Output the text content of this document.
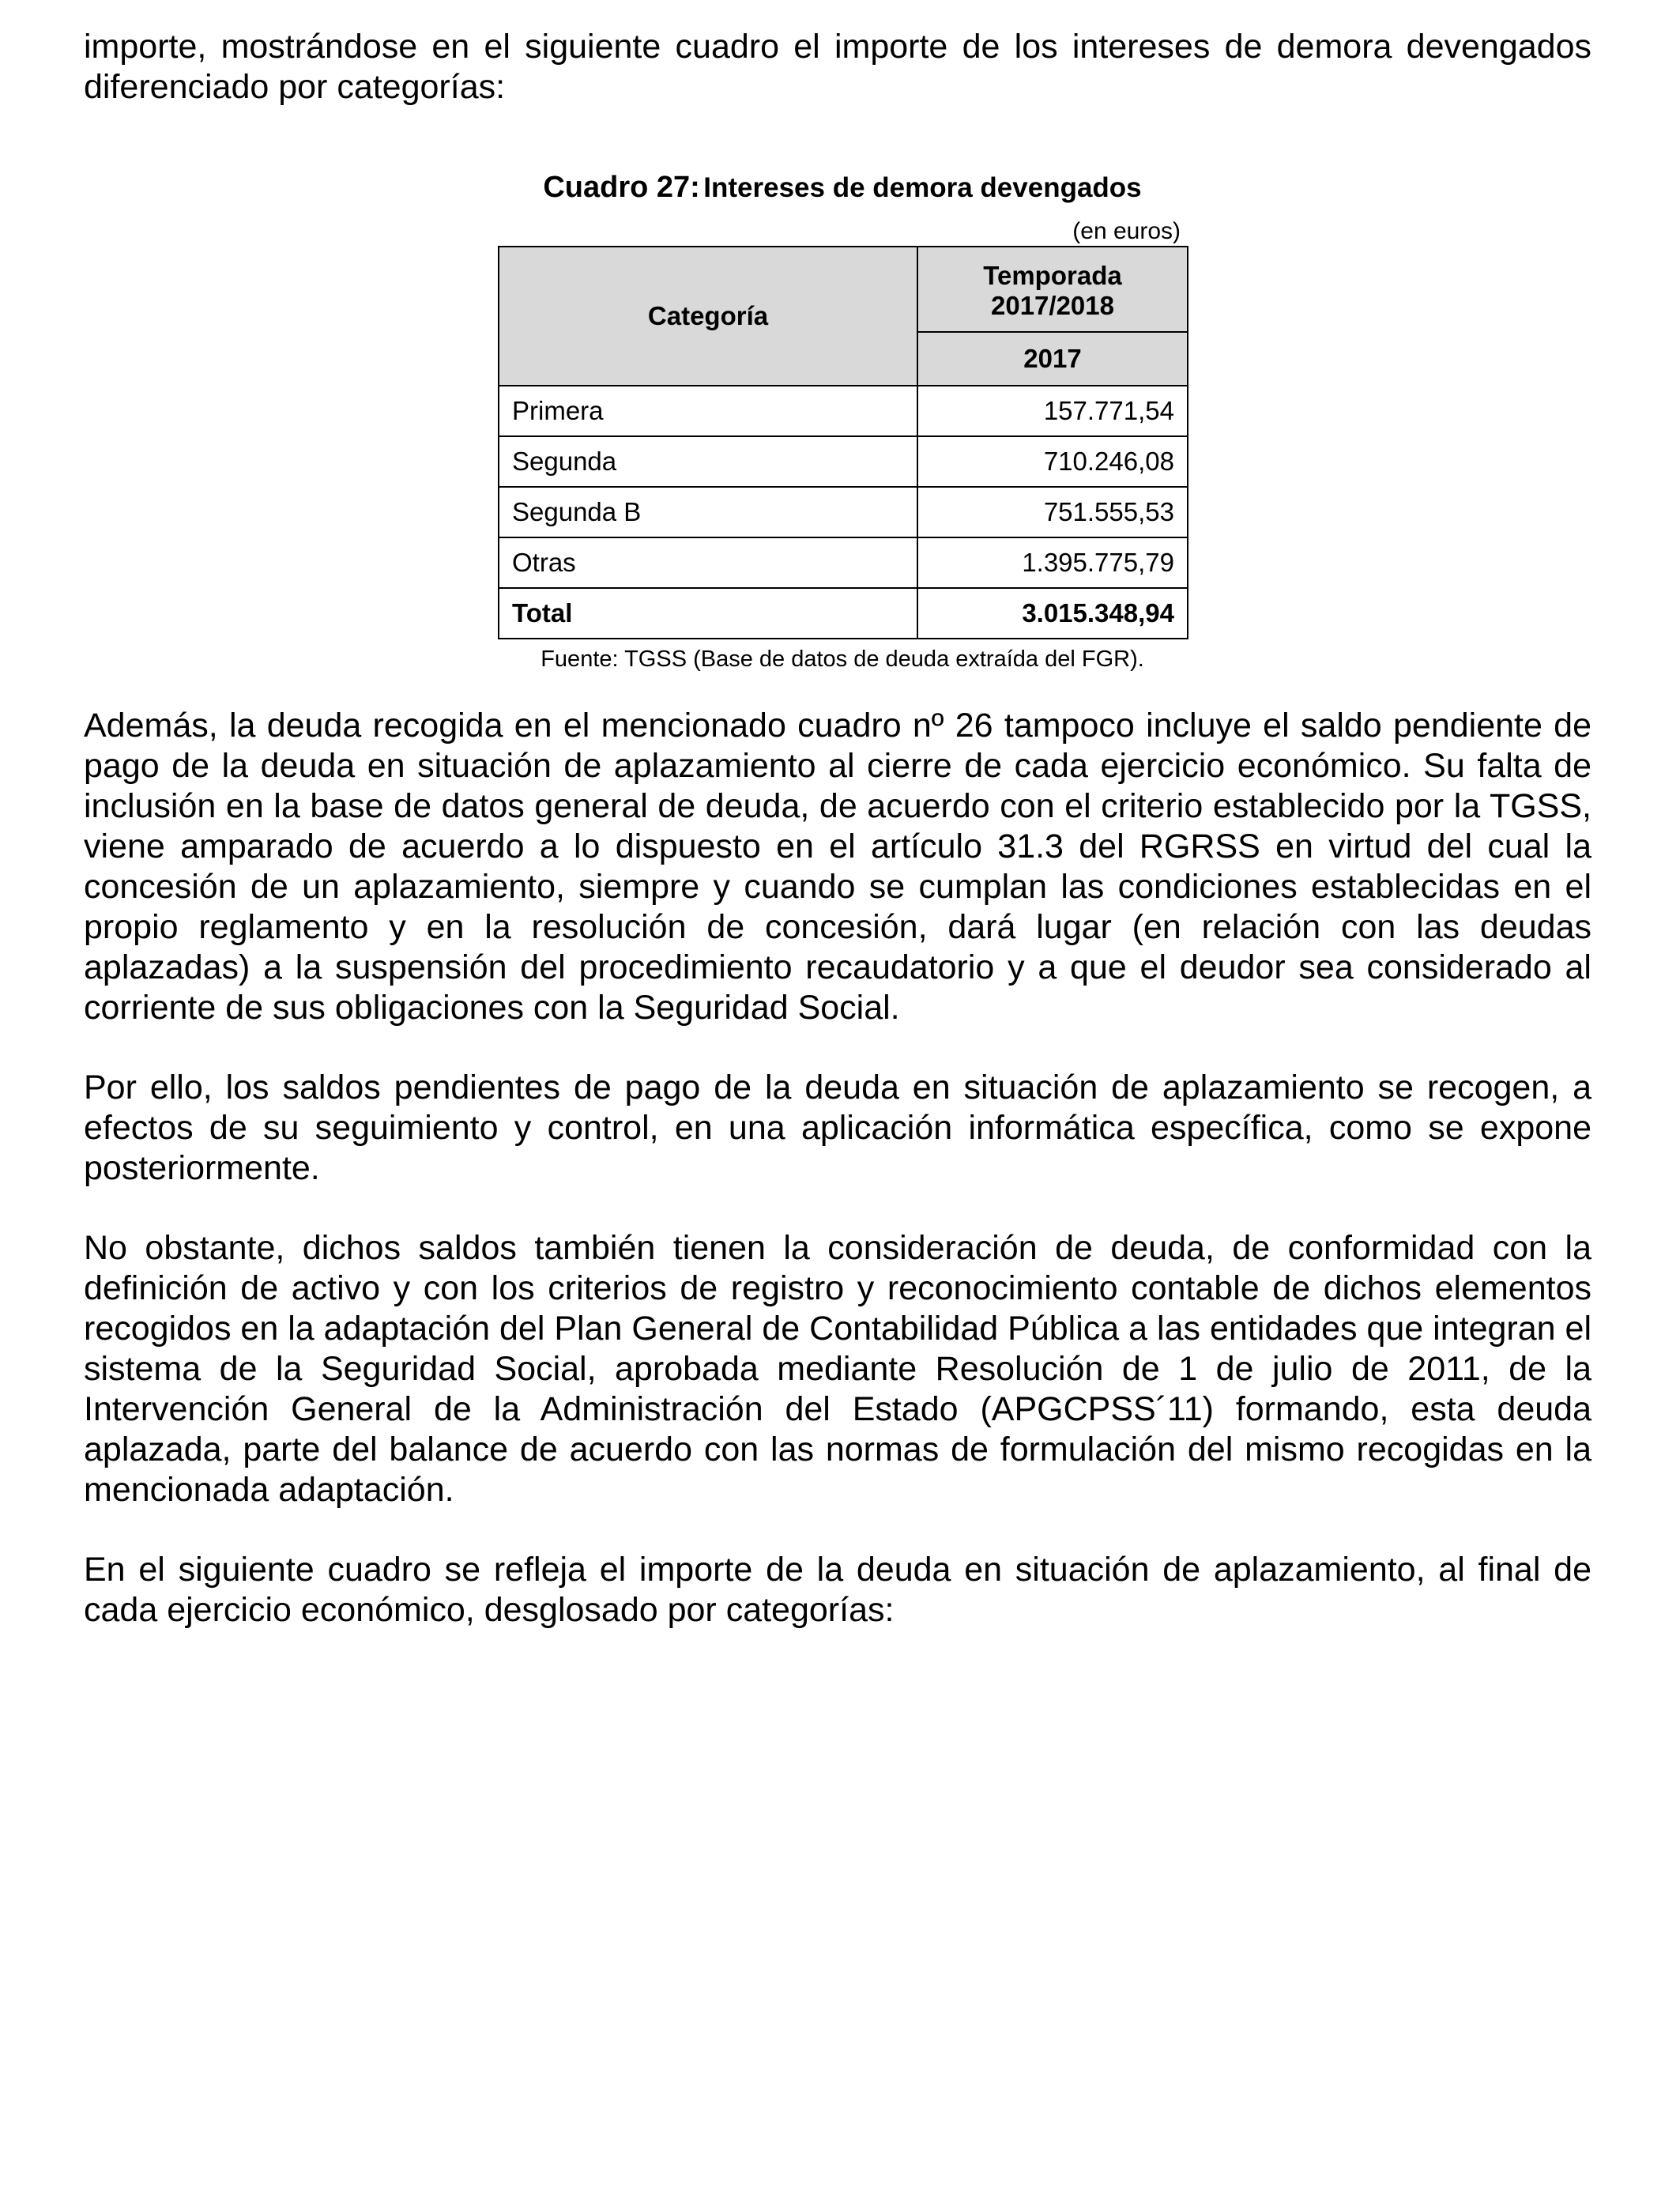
importe, mostrándose en el siguiente cuadro el importe de los intereses de demora devengados diferenciado por categorías:

Cuadro 27: Intereses de demora devengados
(en euros)
Categoría	Temporada 2017/2018
	2017
Primera	157.771,54
Segunda	710.246,08
Segunda B	751.555,53
Otras	1.395.775,79
Total	3.015.348,94
Fuente: TGSS (Base de datos de deuda extraída del FGR).

Además, la deuda recogida en el mencionado cuadro nº 26 tampoco incluye el saldo pendiente de pago de la deuda en situación de aplazamiento al cierre de cada ejercicio económico. Su falta de inclusión en la base de datos general de deuda, de acuerdo con el criterio establecido por la TGSS, viene amparado de acuerdo a lo dispuesto en el artículo 31.3 del RGRSS en virtud del cual la concesión de un aplazamiento, siempre y cuando se cumplan las condiciones establecidas en el propio reglamento y en la resolución de concesión, dará lugar (en relación con las deudas aplazadas) a la suspensión del procedimiento recaudatorio y a que el deudor sea considerado al corriente de sus obligaciones con la Seguridad Social.

Por ello, los saldos pendientes de pago de la deuda en situación de aplazamiento se recogen, a efectos de su seguimiento y control, en una aplicación informática específica, como se expone posteriormente.

No obstante, dichos saldos también tienen la consideración de deuda, de conformidad con la definición de activo y con los criterios de registro y reconocimiento contable de dichos elementos recogidos en la adaptación del Plan General de Contabilidad Pública a las entidades que integran el sistema de la Seguridad Social, aprobada mediante Resolución de 1 de julio de 2011, de la Intervención General de la Administración del Estado (APGCPSS´11) formando, esta deuda aplazada, parte del balance de acuerdo con las normas de formulación del mismo recogidas en la mencionada adaptación.

En el siguiente cuadro se refleja el importe de la deuda en situación de aplazamiento, al final de cada ejercicio económico, desglosado por categorías:
